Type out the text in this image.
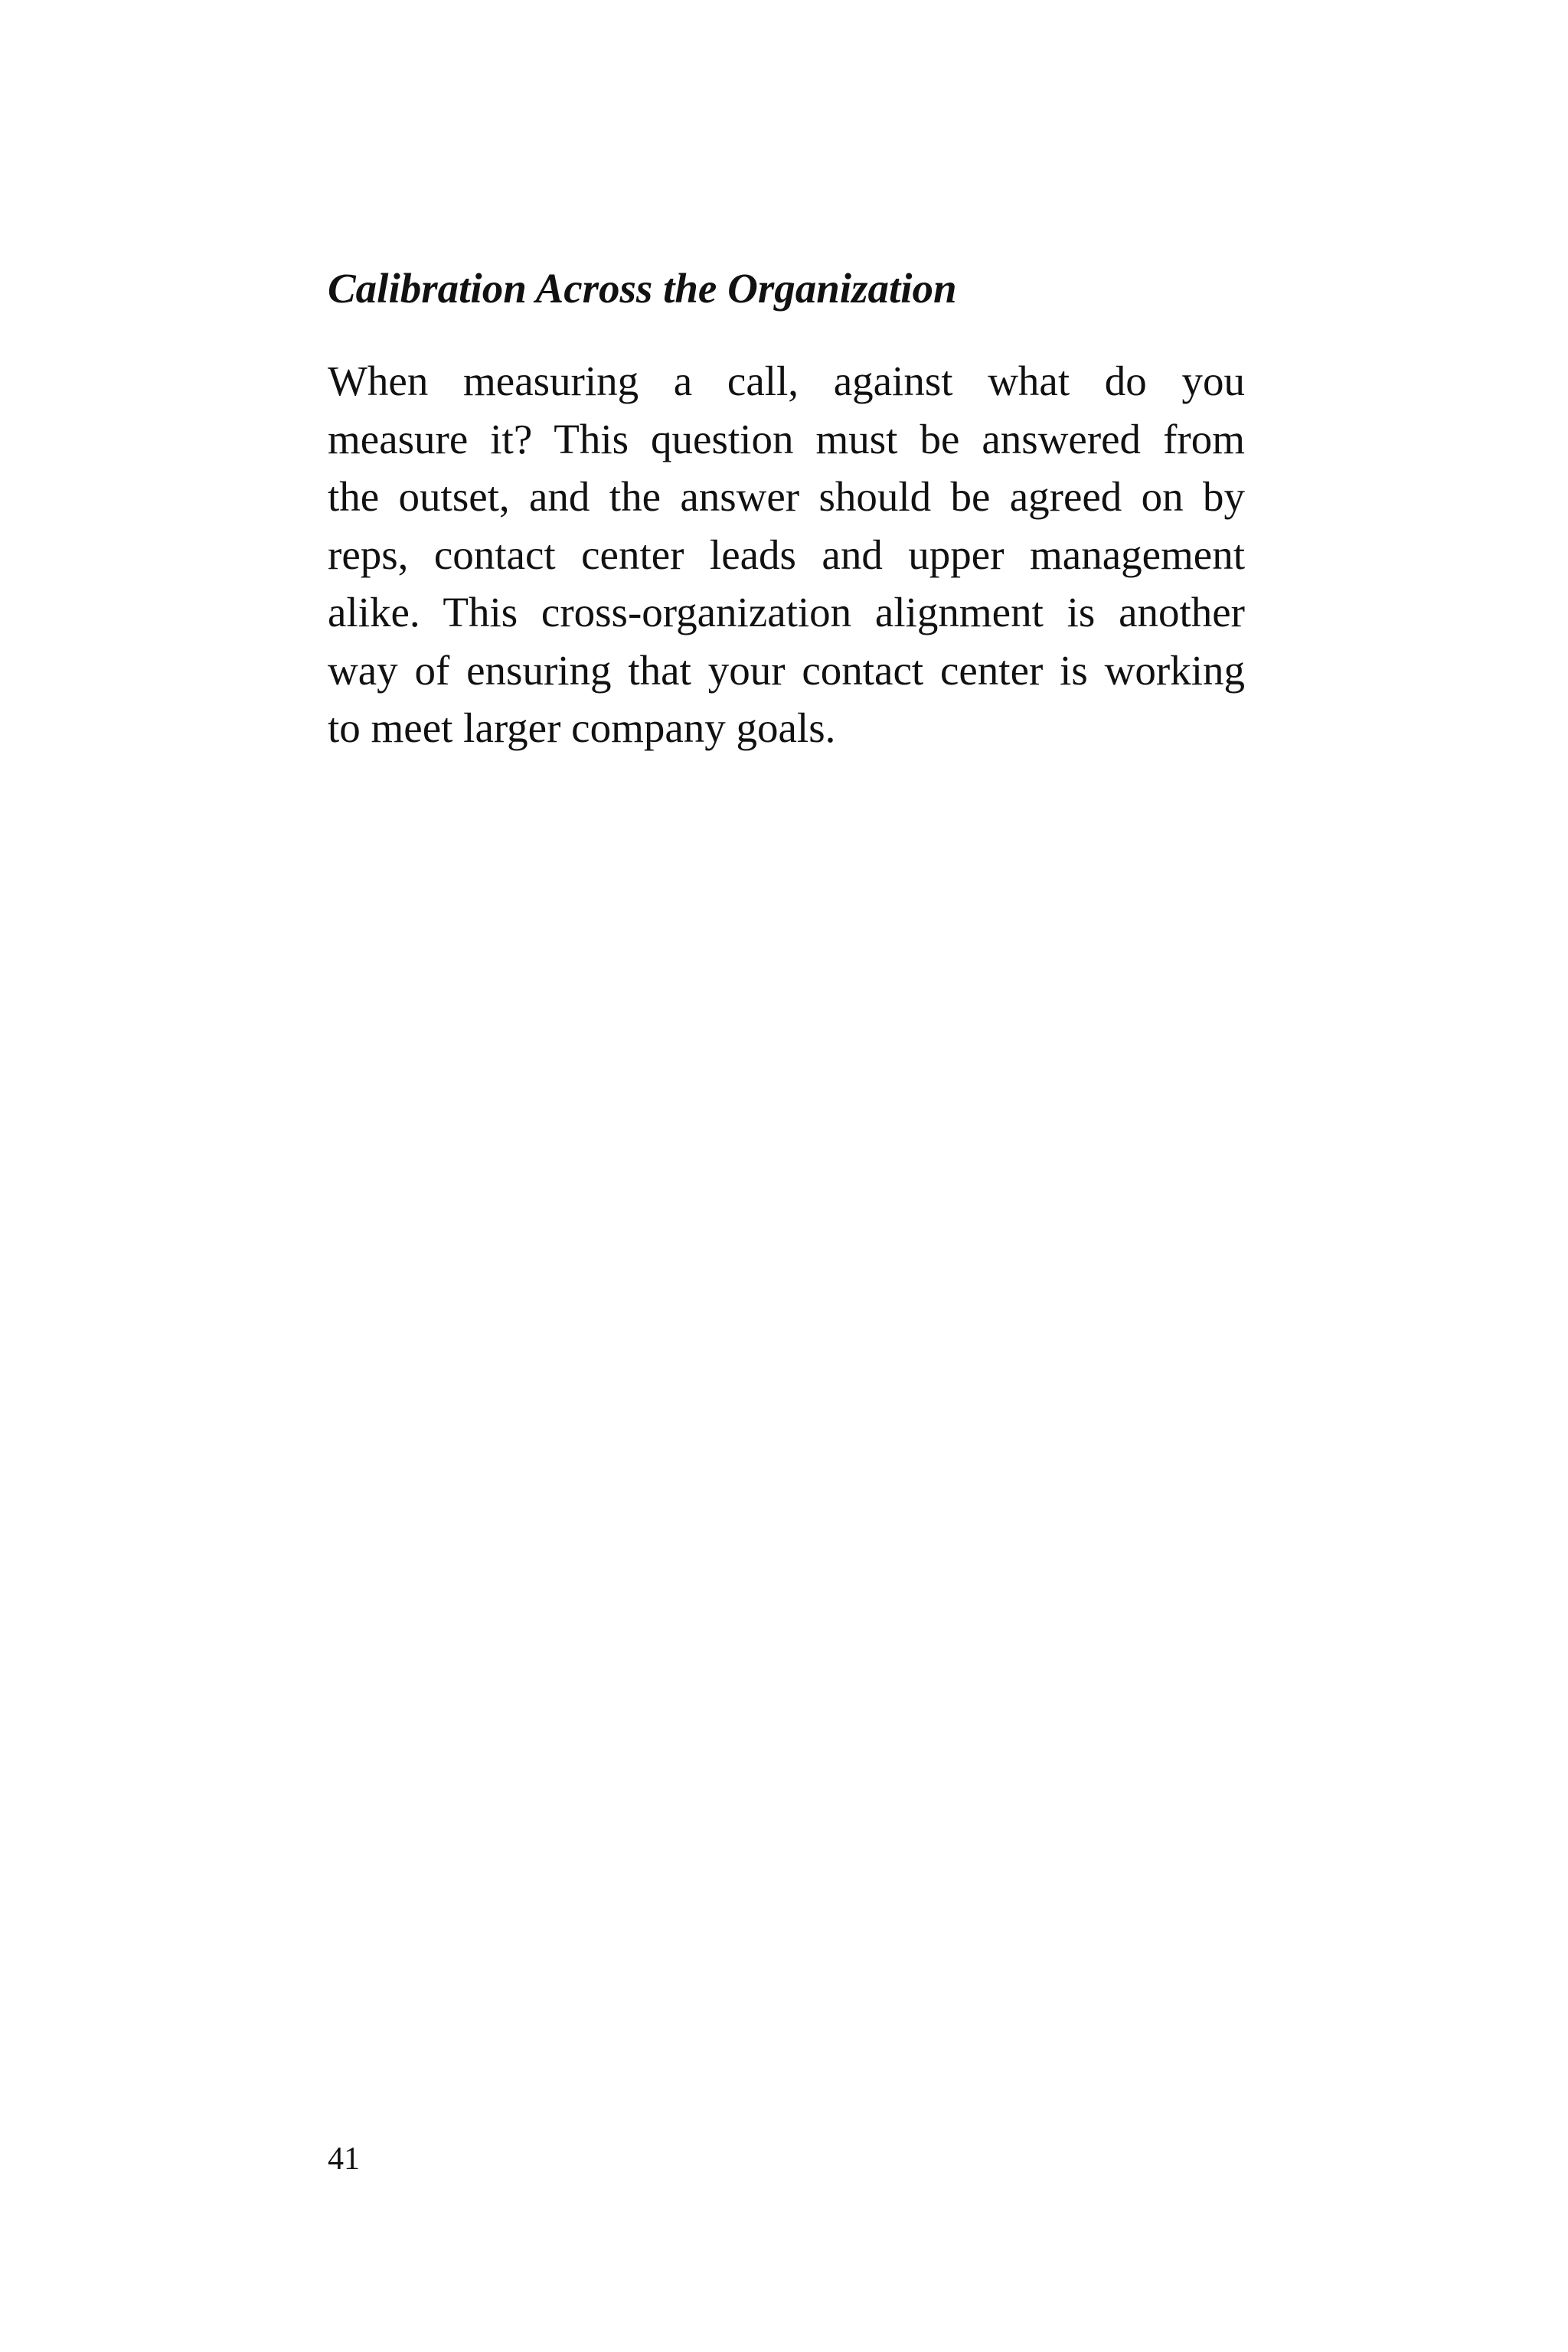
Calibration Across the Organization
When measuring a call, against what do you
measure it? This question must be answered from
the outset, and the answer should be agreed on by
reps, contact center leads and upper management
alike. This cross-organization alignment is another
way of ensuring that your contact center is working
to meet larger company goals.
41
